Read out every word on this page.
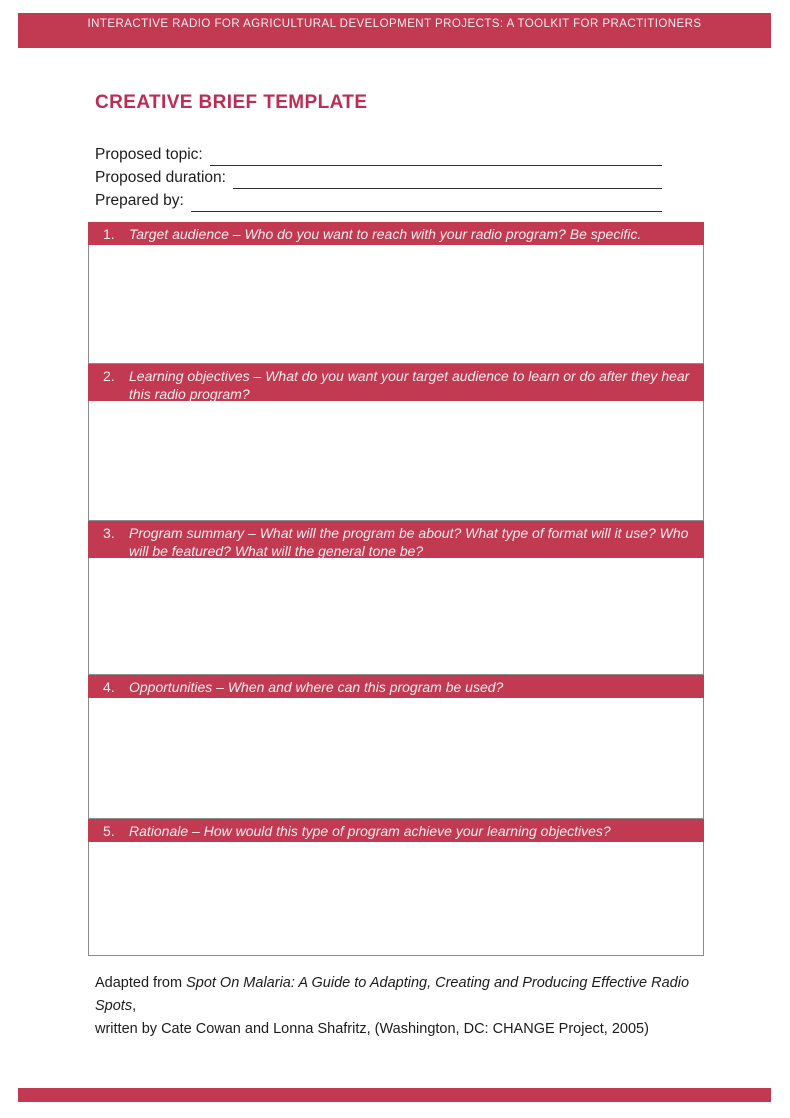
INTERACTIVE RADIO FOR AGRICULTURAL DEVELOPMENT PROJECTS: A TOOLKIT FOR PRACTITIONERS
CREATIVE BRIEF TEMPLATE
Proposed topic:
Proposed duration:
Prepared by:
1.	Target audience – Who do you want to reach with your radio program? Be specific.
2.	Learning objectives – What do you want your target audience to learn or do after they hear this radio program?
3.	Program summary – What will the program be about? What type of format will it use? Who will be featured? What will the general tone be?
4.	Opportunities – When and where can this program be used?
5.	Rationale – How would this type of program achieve your learning objectives?
Adapted from Spot On Malaria: A Guide to Adapting, Creating and Producing Effective Radio Spots,
written by Cate Cowan and Lonna Shafritz, (Washington, DC: CHANGE Project, 2005)
